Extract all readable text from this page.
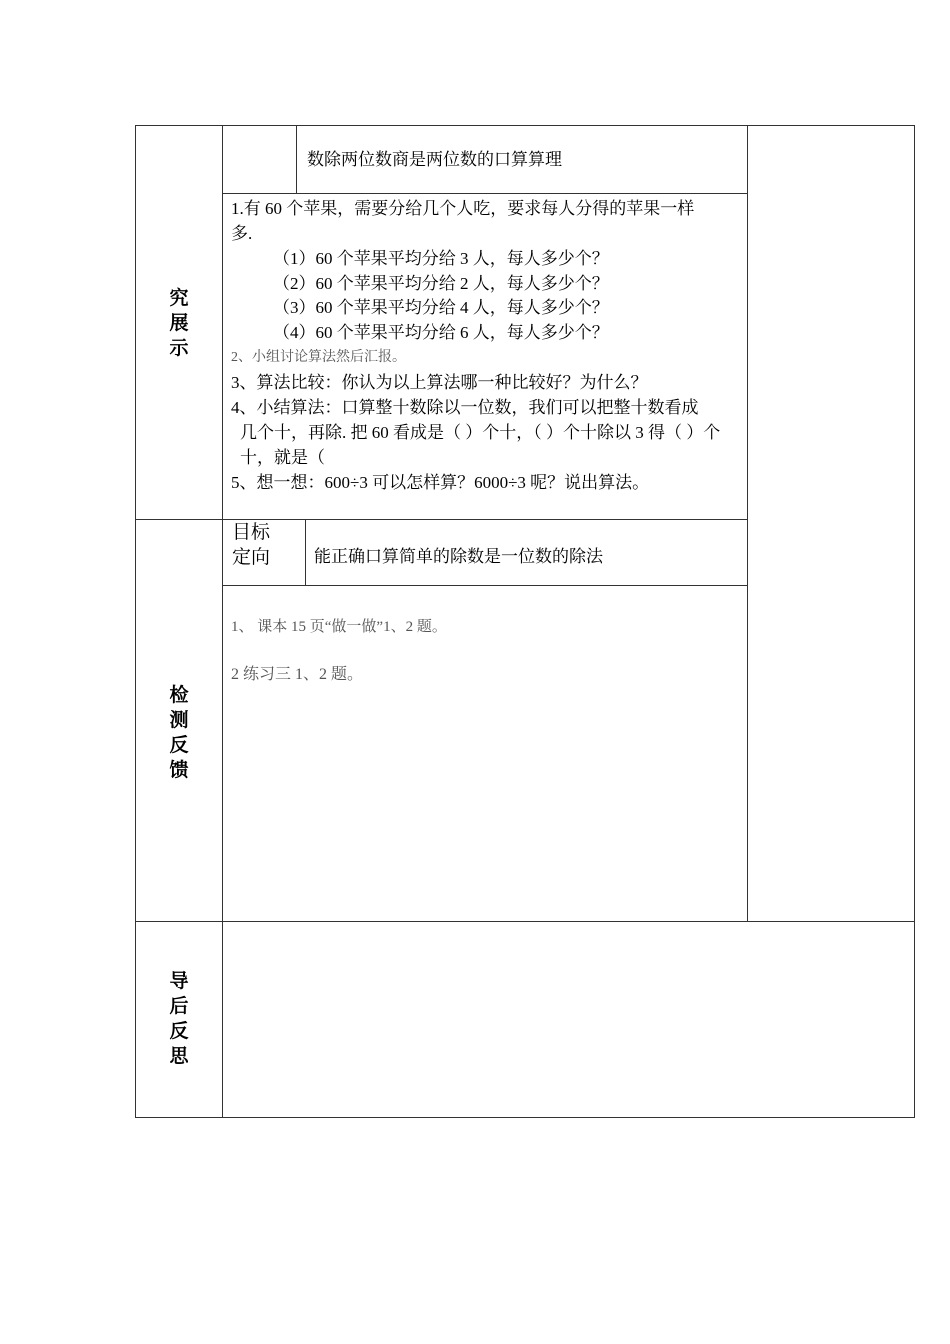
究
展
示
数除两位数商是两位数的口算算理
1.有 60 个苹果，需要分给几个人吃，要求每人分得的苹果一样
多.
（1）60 个苹果平均分给 3 人，每人多少个？
（2）60 个苹果平均分给 2 人，每人多少个？
（3）60 个苹果平均分给 4 人，每人多少个？
（4）60 个苹果平均分给 6 人，每人多少个？
2、小组讨论算法然后汇报。
3、算法比较：你认为以上算法哪一种比较好？为什么？
4、小结算法：口算整十数除以一位数，我们可以把整十数看成
几个十，再除. 把 60 看成是（ ）个十，（ ）个十除以 3 得（ ）个
十，就是（
5、想一想：600÷3 可以怎样算？6000÷3 呢？说出算法。
检
测
反
馈
目标
定向	能正确口算简单的除数是一位数的除法
1、 课本 15 页“做一做”1、2 题。
2 练习三 1、2 题。
导
后
反
思
